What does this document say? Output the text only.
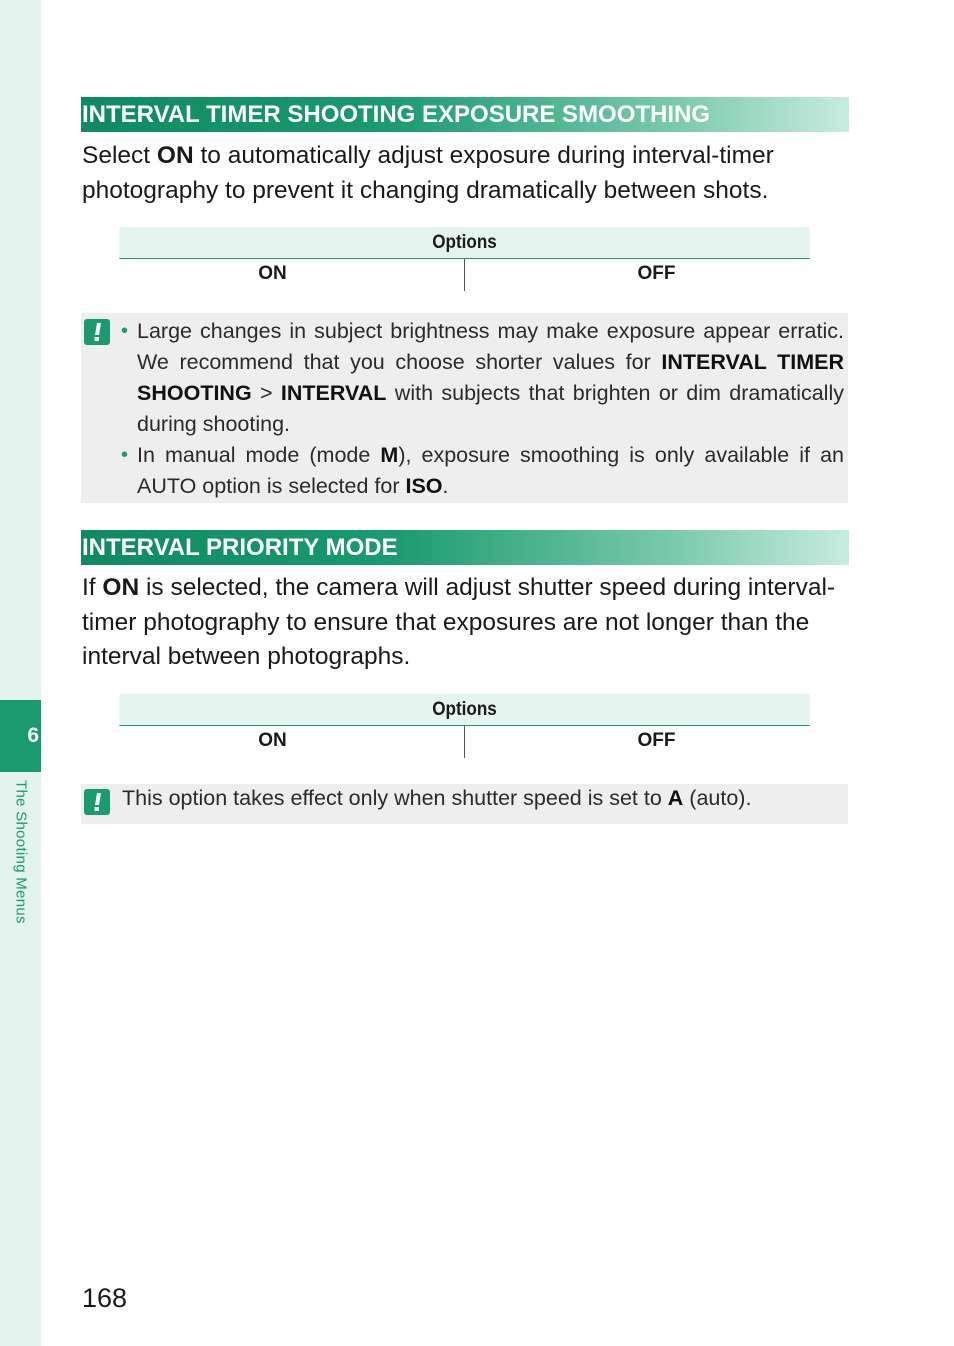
6
The Shooting Menus
INTERVAL TIMER SHOOTING EXPOSURE SMOOTHING
Select ON to automatically adjust exposure during interval-timer photography to prevent it changing dramatically between shots.
Options
ON	OFF
• Large changes in subject brightness may make exposure appear erratic. We recommend that you choose shorter values for INTERVAL TIMER SHOOTING > INTERVAL with subjects that brighten or dim dramatically during shooting.
• In manual mode (mode M), exposure smoothing is only available if an AUTO option is selected for ISO.
INTERVAL PRIORITY MODE
If ON is selected, the camera will adjust shutter speed during interval-timer photography to ensure that exposures are not longer than the interval between photographs.
Options
ON	OFF
This option takes effect only when shutter speed is set to A (auto).
168
